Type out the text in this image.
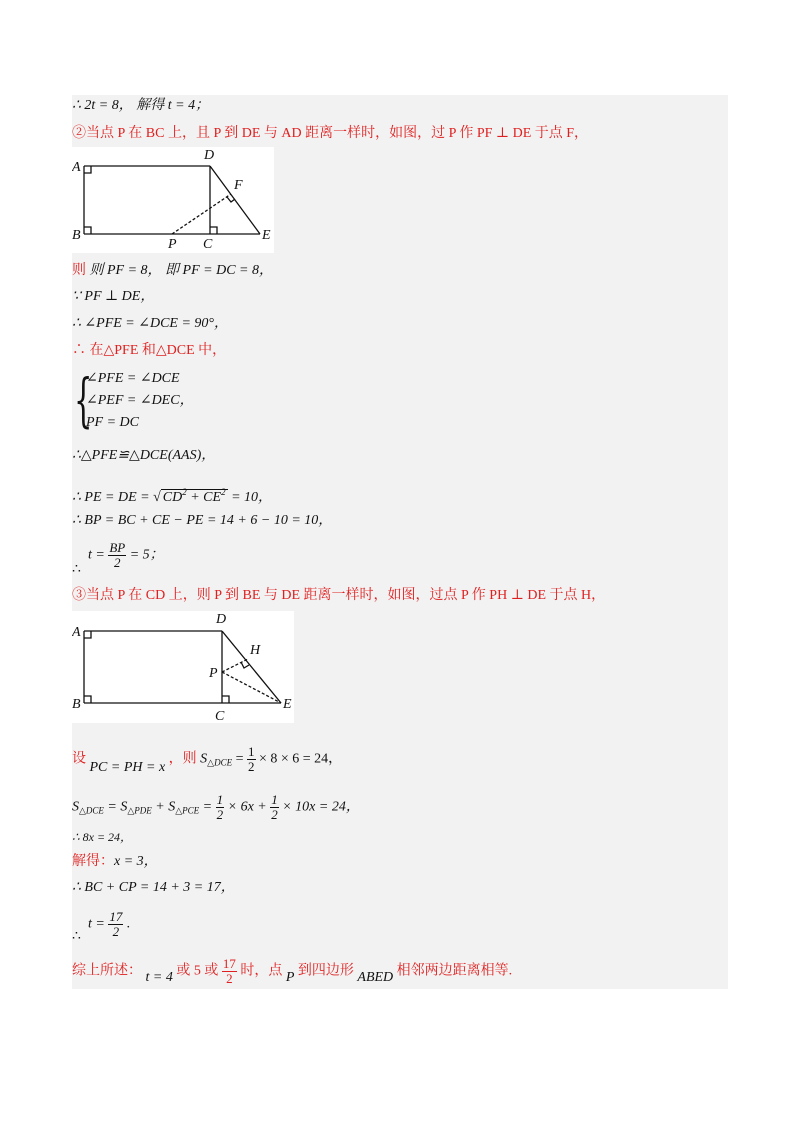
∴ 2t = 8， 解得 t = 4；
②当点 P 在 BC 上，且 P 到 DE 与 AD 距离一样时，如图，过 P 作 PF ⊥ DE 于点 F，
A
B
D
F
E
P C
则 则 PF = 8， 即 PF = DC = 8，
∵ PF ⊥ DE，
∴ ∠PFE = ∠DCE = 90°，
∴ 在△PFE 和△DCE 中，
{
∠PFE = ∠DCE
∠PEF = ∠DEC，
PF = DC
∴△PFE≌△DCE(AAS)，
∴ PE = DE = √ $CD^2 + CE^2 = 10$，
∴ BP = BC + CE − PE = 14 + 6 − 10 = 10，
$t = \frac{BP}{2} = 5$；
∴
③当点 P 在 CD 上，则 P 到 BE 与 DE 距离一样时，如图，过点 P 作 PH ⊥ DE 于点 H，
A
B
D
H
P
E
C
设 PC = PH = x ，则 $S_{\triangle DCE} = \frac{1}{2} \times 8 \times 6 = 24$，
$S_{\triangle DCE} = S_{\triangle PDE} + S_{\triangle PCE} = \frac{1}{2} \times 6x + \frac{1}{2} \times 10x = 24$，
∴ 8x = 24，
解得：x = 3，
∴ BC + CP = 14 + 3 = 17，
$t = \frac{17}{2}$ .
∴
综上所述： t = 4 或 5 或 $\frac{17}{2}$ 时，点 P 到四边形 ABED 相邻两边距离相等.
